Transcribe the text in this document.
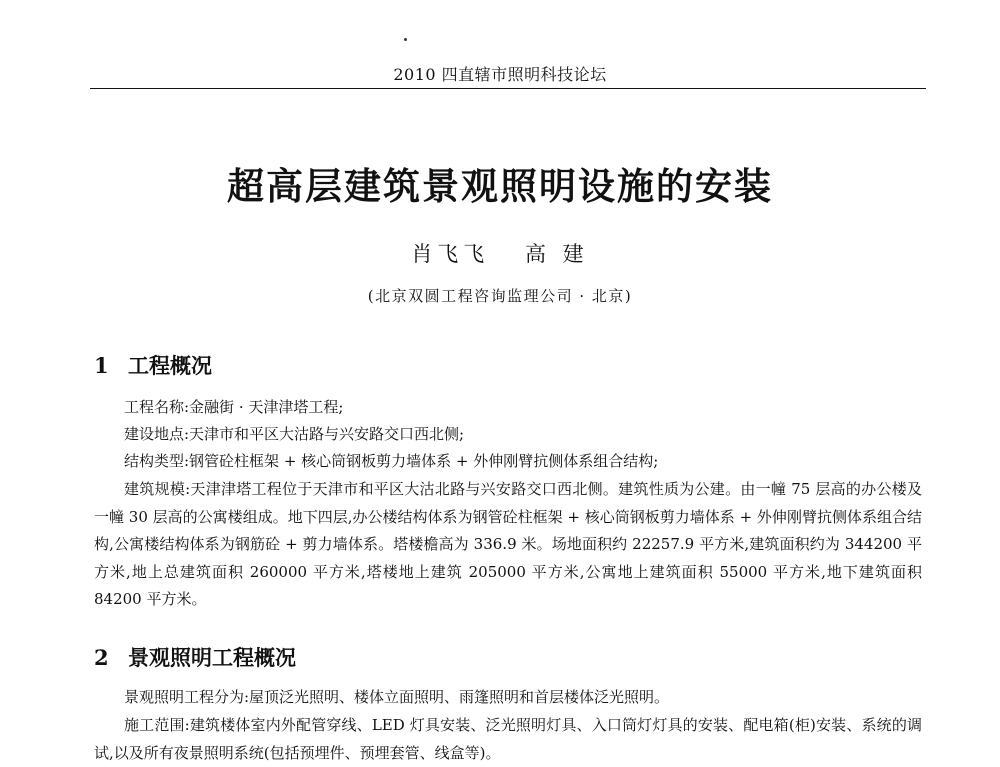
2010 四直辖市照明科技论坛
超高层建筑景观照明设施的安装
肖飞飞 高 建
(北京双圆工程咨询监理公司 · 北京)
1 工程概况

工程名称:金融街 · 天津津塔工程;

建设地点:天津市和平区大沽路与兴安路交口西北侧;

结构类型:钢管砼柱框架 + 核心筒钢板剪力墙体系 + 外伸刚臂抗侧体系组合结构;

建筑规模:天津津塔工程位于天津市和平区大沽北路与兴安路交口西北侧。建筑性质为公建。由一幢 75 层高的办公楼及一幢 30 层高的公寓楼组成。地下四层,办公楼结构体系为钢管砼柱框架 + 核心筒钢板剪力墙体系 + 外伸刚臂抗侧体系组合结构,公寓楼结构体系为钢筋砼 + 剪力墙体系。塔楼檐高为 336.9 米。场地面积约 22257.9 平方米,建筑面积约为 344200 平方米,地上总建筑面积 260000 平方米,塔楼地上建筑 205000 平方米,公寓地上建筑面积 55000 平方米,地下建筑面积 84200 平方米。

2 景观照明工程概况

景观照明工程分为:屋顶泛光照明、楼体立面照明、雨篷照明和首层楼体泛光照明。

施工范围:建筑楼体室内外配管穿线、LED 灯具安装、泛光照明灯具、入口筒灯灯具的安装、配电箱(柜)安装、系统的调试,以及所有夜景照明系统(包括预埋件、预埋套管、线盒等)。
